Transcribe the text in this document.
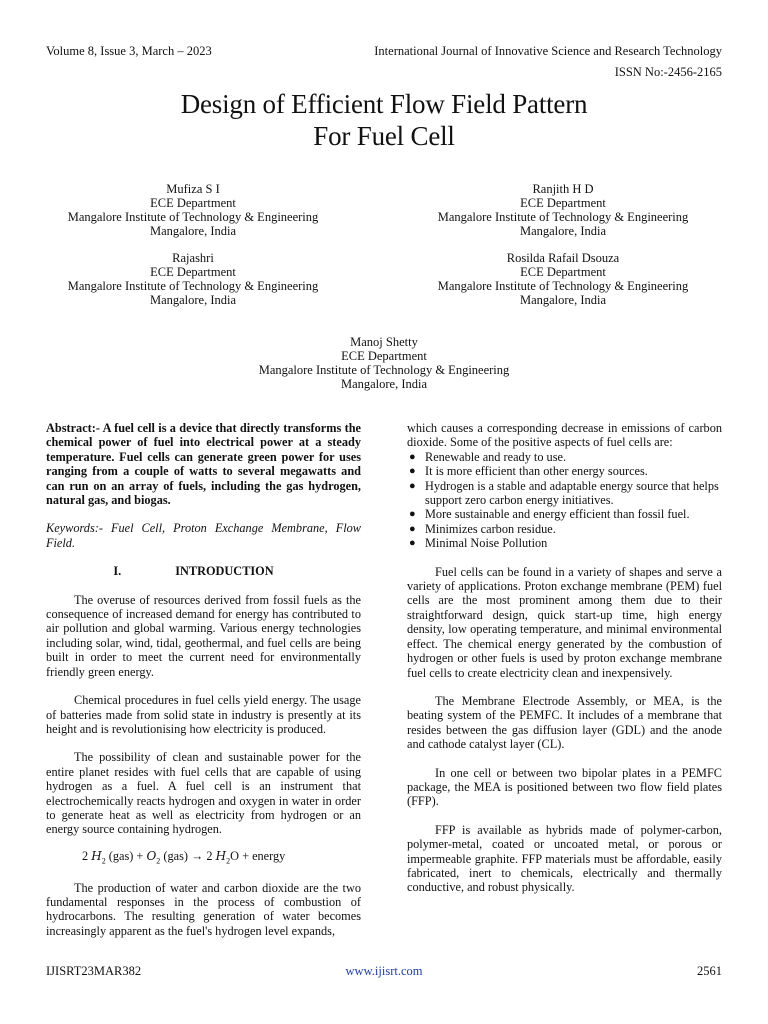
Volume 8, Issue 3, March – 2023	International Journal of Innovative Science and Research Technology
ISSN No:-2456-2165
Design of Efficient Flow Field Pattern
For Fuel Cell
Mufiza S I
ECE Department
Mangalore Institute of Technology & Engineering
Mangalore, India
Ranjith H D
ECE Department
Mangalore Institute of Technology & Engineering
Mangalore, India
Rajashri
ECE Department
Mangalore Institute of Technology & Engineering
Mangalore, India
Rosilda Rafail Dsouza
ECE Department
Mangalore Institute of Technology & Engineering
Mangalore, India
Manoj Shetty
ECE Department
Mangalore Institute of Technology & Engineering
Mangalore, India

Abstract:- A fuel cell is a device that directly transforms the chemical power of fuel into electrical power at a steady temperature. Fuel cells can generate green power for uses ranging from a couple of watts to several megawatts and can run on an array of fuels, including the gas hydrogen, natural gas, and biogas.

Keywords:- Fuel Cell, Proton Exchange Membrane, Flow Field.

I.	INTRODUCTION

The overuse of resources derived from fossil fuels as the consequence of increased demand for energy has contributed to air pollution and global warming. Various energy technologies including solar, wind, tidal, geothermal, and fuel cells are being built in order to meet the current need for environmentally friendly green energy.

Chemical procedures in fuel cells yield energy. The usage of batteries made from solid state in industry is presently at its height and is revolutionising how electricity is produced.

The possibility of clean and sustainable power for the entire planet resides with fuel cells that are capable of using hydrogen as a fuel. A fuel cell is an instrument that electrochemically reacts hydrogen and oxygen in water in order to generate heat as well as electricity from hydrogen or an energy source containing hydrogen.

2 $H_2$ $(gas) + O_2$ (gas) → 2 $H_2O$ + energy

The production of water and carbon dioxide are the two fundamental responses in the process of combustion of hydrocarbons. The resulting generation of water becomes increasingly apparent as the fuel's hydrogen level expands,

which causes a corresponding decrease in emissions of carbon dioxide. Some of the positive aspects of fuel cells are:

● Renewable and ready to use.
● It is more efficient than other energy sources.
● Hydrogen is a stable and adaptable energy source that helps support zero carbon energy initiatives.
● More sustainable and energy efficient than fossil fuel.
● Minimizes carbon residue.
● Minimal Noise Pollution

Fuel cells can be found in a variety of shapes and serve a variety of applications. Proton exchange membrane (PEM) fuel cells are the most prominent among them due to their straightforward design, quick start-up time, high energy density, low operating temperature, and minimal environmental effect. The chemical energy generated by the combustion of hydrogen or other fuels is used by proton exchange membrane fuel cells to create electricity clean and inexpensively.

The Membrane Electrode Assembly, or MEA, is the beating system of the PEMFC. It includes of a membrane that resides between the gas diffusion layer (GDL) and the anode and cathode catalyst layer (CL).

In one cell or between two bipolar plates in a PEMFC package, the MEA is positioned between two flow field plates (FFP).

FFP is available as hybrids made of polymer-carbon, polymer-metal, coated or uncoated metal, or porous or impermeable graphite. FFP materials must be affordable, easily fabricated, inert to chemicals, electrically and thermally conductive, and robust physically.

IJISRT23MAR382	www.ijisrt.com	2561
